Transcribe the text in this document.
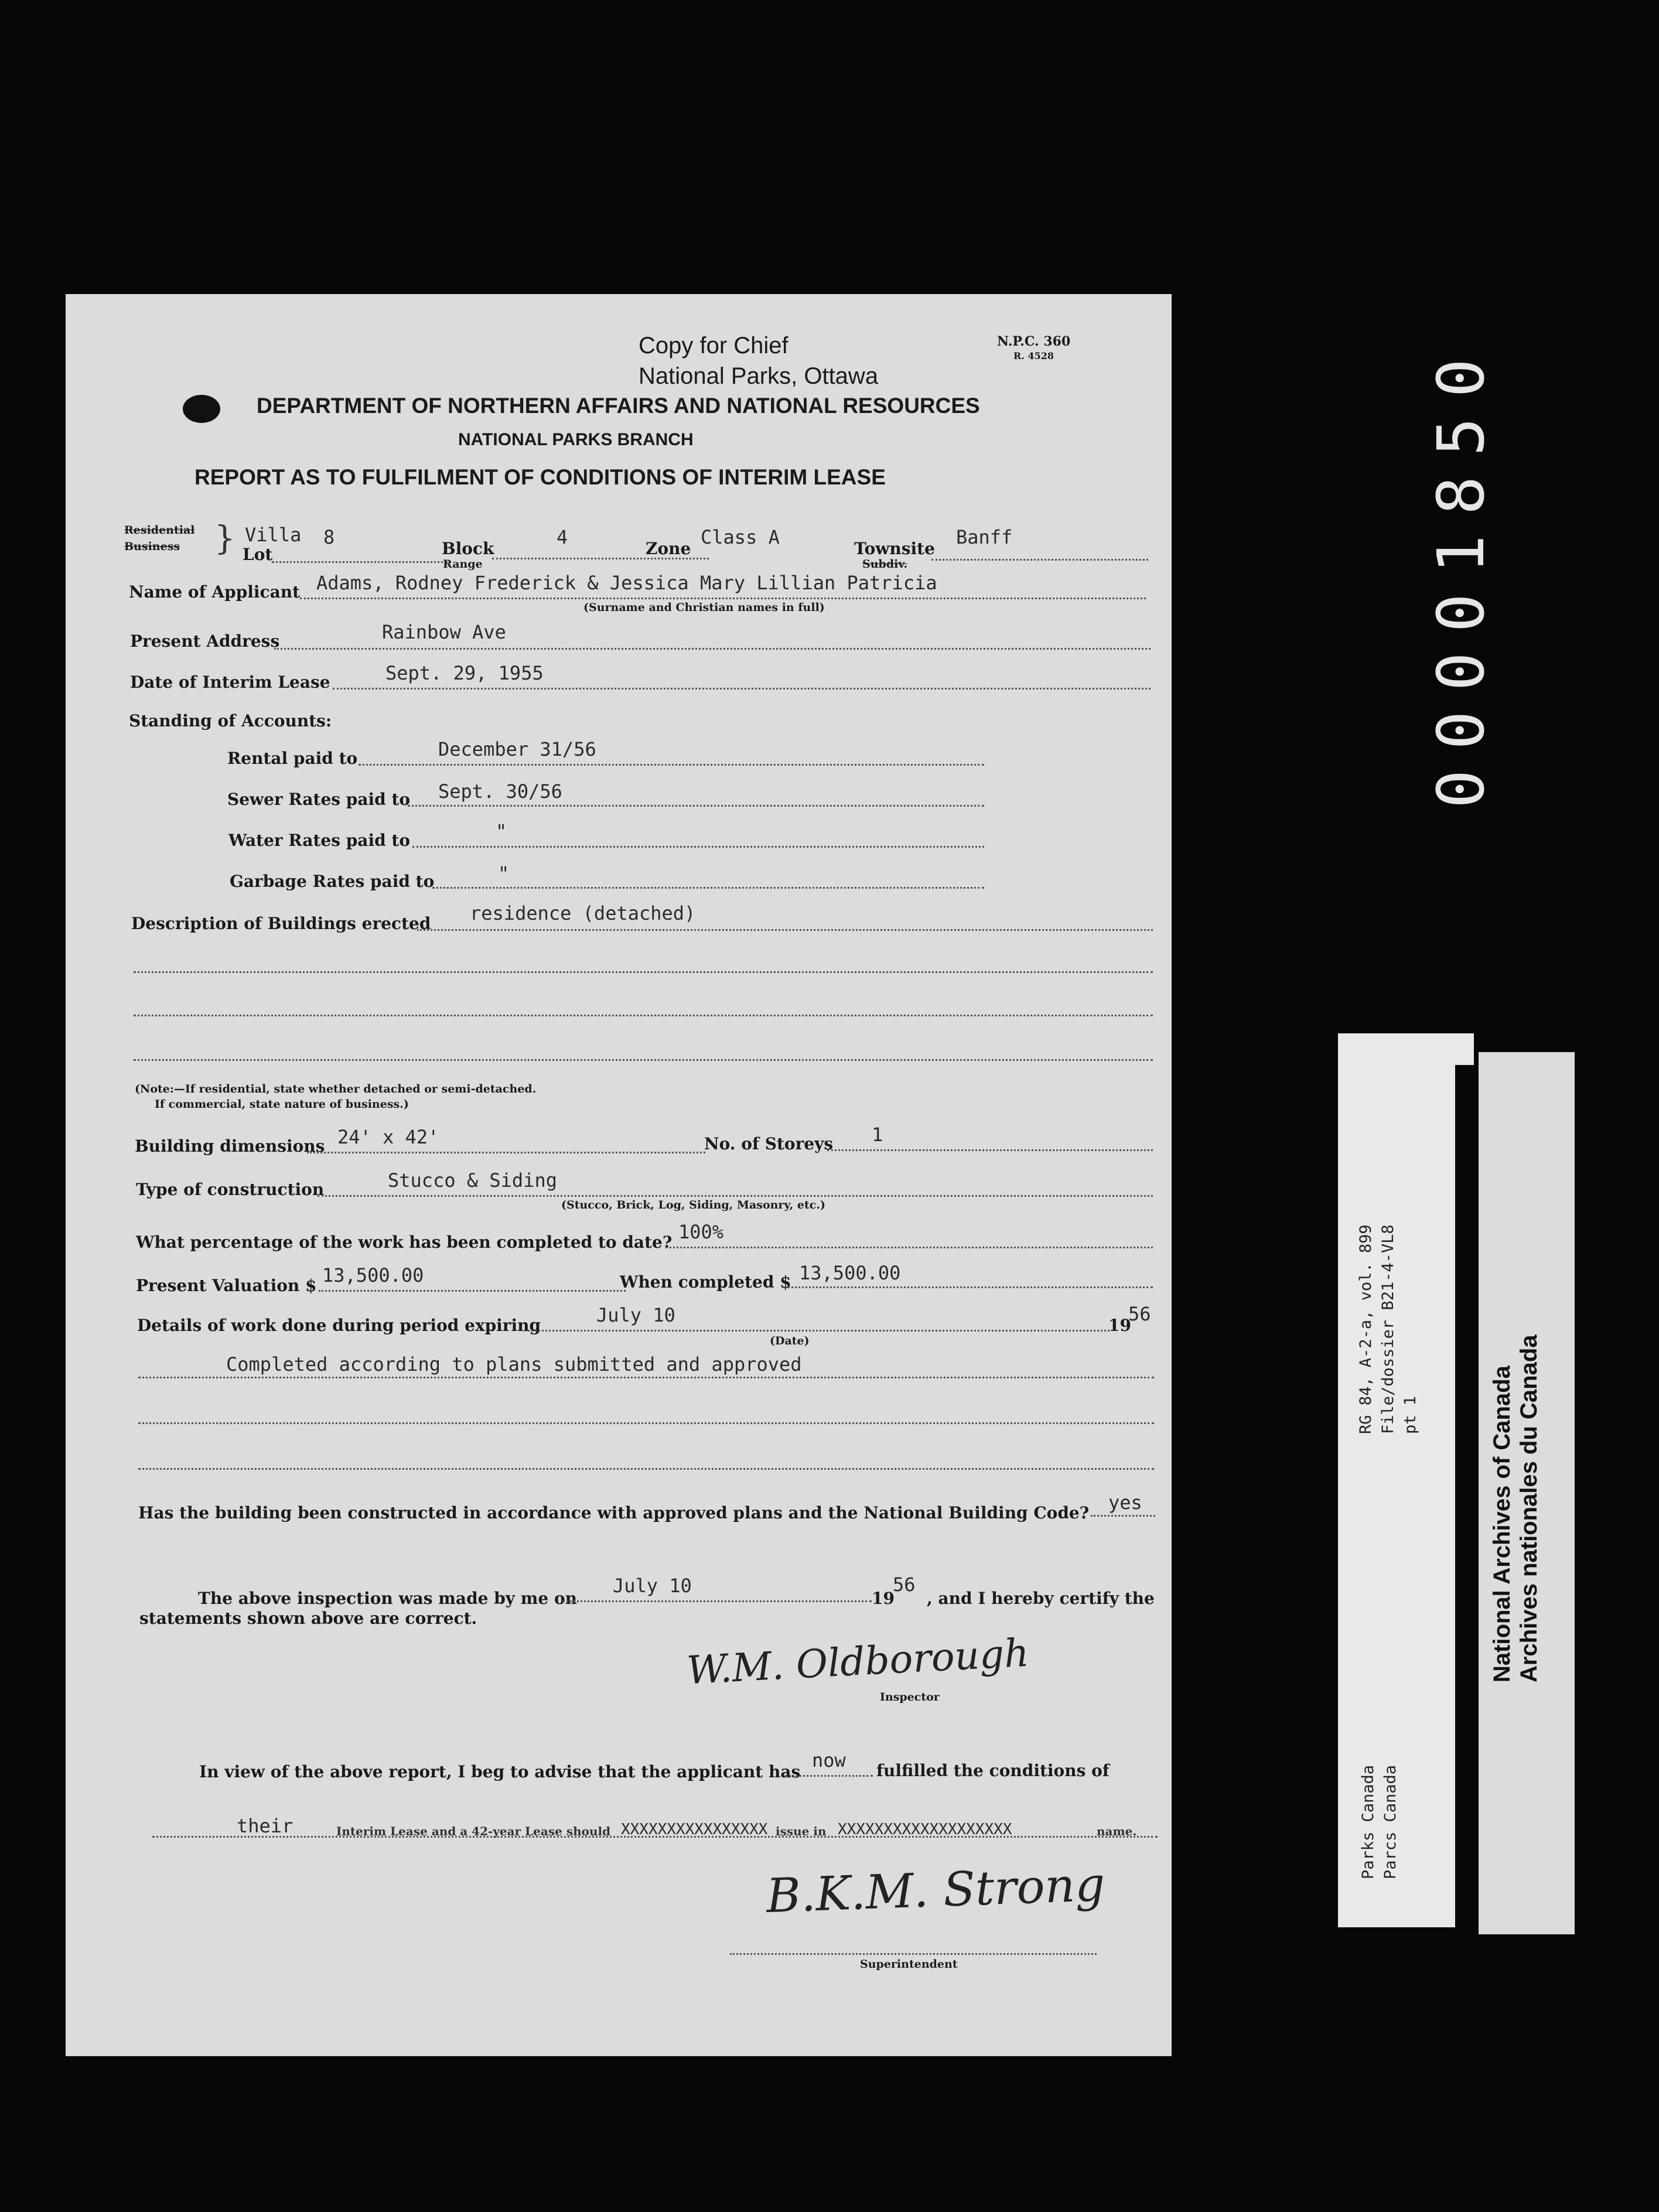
Copy for Chief
National Parks, Ottawa
N.P.C. 360
R. 4528
DEPARTMENT OF NORTHERN AFFAIRS AND NATIONAL RESOURCES
NATIONAL PARKS BRANCH
REPORT AS TO FULFILMENT OF CONDITIONS OF INTERIM LEASE
Residential
Business } Villa
Lot
8
Block
Range
4
Zone
Class A
Townsite
Subdiv.
Banff
Name of Applicant Adams, Rodney Frederick & Jessica Mary Lillian Patricia
(Surname and Christian names in full)
Present Address	Rainbow Ave
Date of Interim Lease	Sept. 29, 1955
Standing of Accounts:
Rental paid to	December 31/56
Sewer Rates paid to Sept. 30/56
Water Rates paid to	"
Garbage Rates paid to	"
Description of Buildings erected residence (detached)
(Note:—If residential, state whether detached or semi-detached.
If commercial, state nature of business.)
Building dimensions 24' x 42'	No. of Storeys 1
Type of construction	Stucco & Siding
(Stucco, Brick, Log, Siding, Masonry, etc.)
What percentage of the work has been completed to date? 100%
Present Valuation $ 13,500.00	When completed $ 13,500.00
Details of work done during period expiring	July 10
(Date)
19
56
Completed according to plans submitted and approved
Has the building been constructed in accordance with approved plans and the National Building Code? yes
The above inspection was made by me on
July 10
19
56
, and I hereby certify the
statements shown above are correct.
W.M. Oldborough
Inspector
In view of the above report, I beg to advise that the applicant has
now fulfilled the conditions of
their	Interim Lease and a 42-year Lease should XXXXXXXXXXXXXXXX issue in XXXXXXXXXXXXXXXXXXX	name.
B.K.M. Strong
Superintendent
00001850
RG 84, A-2-a, vol. 899 File/dossier B21-4-VL8 pt 1
Parks Canada Parcs Canada
National Archives of Canada Archives nationales du Canada
